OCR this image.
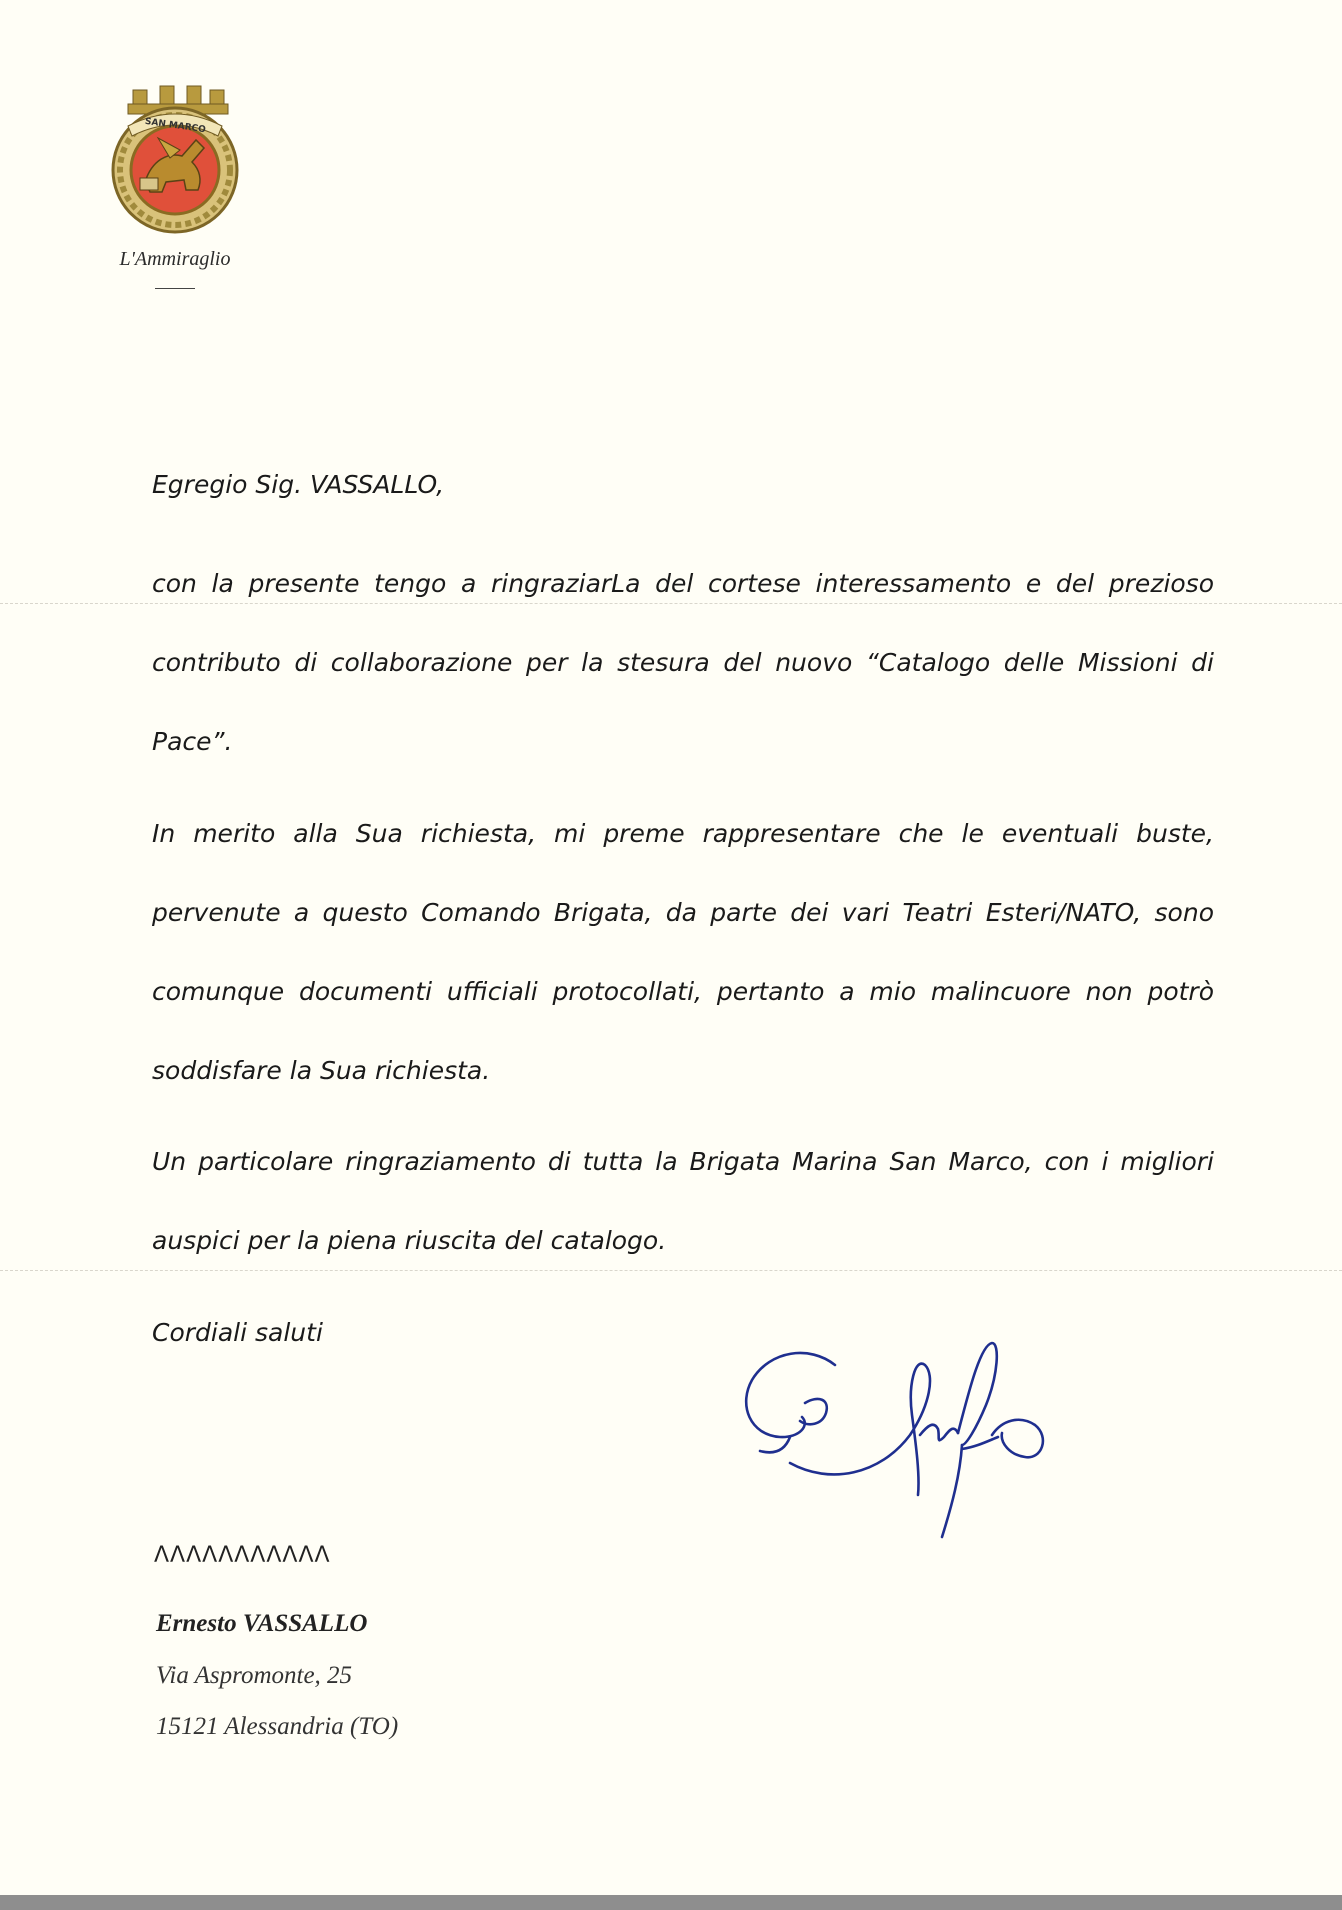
SAN MARCO
L'Ammiraglio
Egregio Sig. VASSALLO,

con la presente tengo a ringraziarLa del cortese interessamento e del prezioso contributo di collaborazione per la stesura del nuovo “Catalogo delle Missioni di Pace”.

In merito alla Sua richiesta, mi preme rappresentare che le eventuali buste, pervenute a questo Comando Brigata, da parte dei vari Teatri Esteri/NATO, sono comunque documenti ufficiali protocollati, pertanto a mio malincuore non potrò soddisfare la Sua richiesta.

Un particolare ringraziamento di tutta la Brigata Marina San Marco, con i migliori auspici per la piena riuscita del catalogo.

Cordiali saluti
ΛΛΛΛΛΛΛΛΛΛΛ
Ernesto VASSALLO
Via Aspromonte, 25
15121 Alessandria (TO)
